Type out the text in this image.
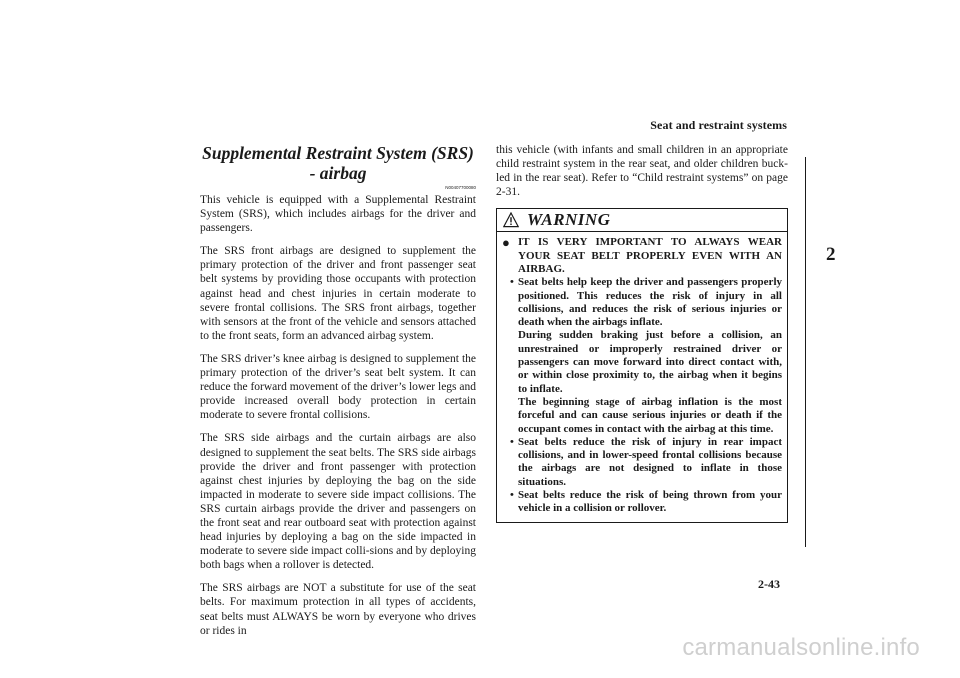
Seat and restraint systems
2
Supplemental Restraint System (SRS) - airbag
N00407700080

This vehicle is equipped with a Supplemental Restraint System (SRS), which includes airbags for the driver and passengers.

The SRS front airbags are designed to supplement the primary protection of the driver and front passenger seat belt systems by providing those occupants with protection against head and chest injuries in certain moderate to severe frontal collisions. The SRS front airbags, together with sensors at the front of the vehicle and sensors attached to the front seats, form an advanced airbag system.

The SRS driver’s knee airbag is designed to supplement the primary protection of the driver’s seat belt system. It can reduce the forward movement of the driver’s lower legs and provide increased overall body protection in certain moderate to severe frontal collisions.

The SRS side airbags and the curtain airbags are also designed to supplement the seat belts. The SRS side airbags provide the driver and front passenger with protection against chest injuries by deploying the bag on the side impacted in moderate to severe side impact collisions. The SRS curtain airbags provide the driver and passengers on the front seat and rear outboard seat with protection against head injuries by deploying a bag on the side impacted in moderate to severe side impact colli-sions and by deploying both bags when a rollover is detected.

The SRS airbags are NOT a substitute for use of the seat belts. For maximum protection in all types of accidents, seat belts must ALWAYS be worn by everyone who drives or rides in

this vehicle (with infants and small children in an appropriate child restraint system in the rear seat, and older children buck-led in the rear seat). Refer to “Child restraint systems” on page 2-31.

WARNING
● IT IS VERY IMPORTANT TO ALWAYS WEAR YOUR SEAT BELT PROPERLY EVEN WITH AN AIRBAG.
• Seat belts help keep the driver and passengers properly positioned. This reduces the risk of injury in all collisions, and reduces the risk of serious injuries or death when the airbags inflate.
During sudden braking just before a collision, an unrestrained or improperly restrained driver or passengers can move forward into direct contact with, or within close proximity to, the airbag when it begins to inflate.
The beginning stage of airbag inflation is the most forceful and can cause serious injuries or death if the occupant comes in contact with the airbag at this time.
• Seat belts reduce the risk of injury in rear impact collisions, and in lower-speed frontal collisions because the airbags are not designed to inflate in those situations.
• Seat belts reduce the risk of being thrown from your vehicle in a collision or rollover.
2-43
carmanualsonline.info
